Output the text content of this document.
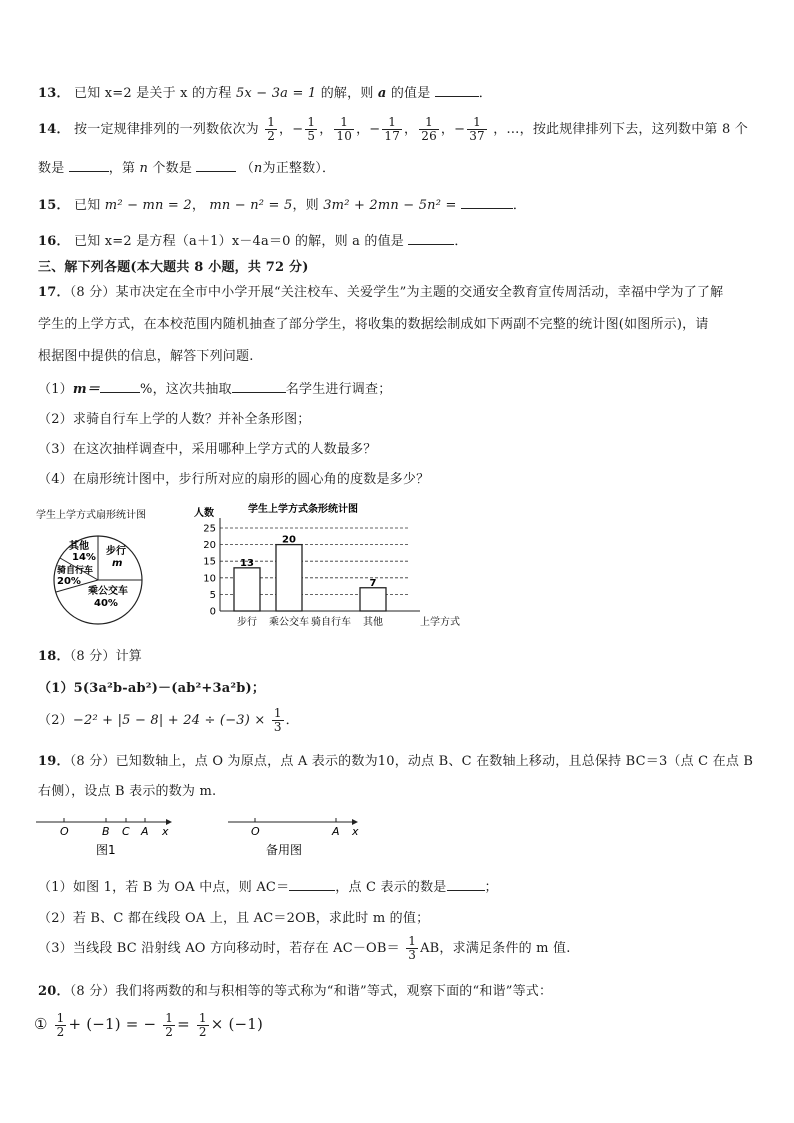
13． 已知 x=2 是关于 x 的方程 5x − 3a = 1 的解，则 a 的值是	．
14． 按一定规律排列的一列数依次为 $\frac{1}{2}$ ，− $\frac{1}{5}$ ， $\frac{1}{10}$ ，− $\frac{1}{17}$ ， $\frac{1}{26}$ ，− $\frac{1}{37}$ ，…，按此规律排列下去，这列数中第 8 个
数是	，第 n 个数是	（n为正整数）．
15． 已知 m² − mn = 2， mn − n² = 5，则 3m² + 2mn − 5n² =	．
16． 已知 x=2 是方程（a＋1）x－4a＝0 的解，则 a 的值是	．
三、解下列各题(本大题共 8 小题，共 72 分)
17．（8 分）某市决定在全市中小学开展“关注校车、关爱学生”为主题的交通安全教育宣传周活动，幸福中学为了了解
学生的上学方式，在本校范围内随机抽查了部分学生，将收集的数据绘制成如下两副不完整的统计图(如图所示)，请
根据图中提供的信息，解答下列问题.
（1）m＝	%，这次共抽取	名学生进行调查；
（2）求骑自行车上学的人数？并补全条形图；
（3）在这次抽样调查中，采用哪种上学方式的人数最多？
（4）在扇形统计图中，步行所对应的扇形的圆心角的度数是多少？
学生上学方式扇形统计图
其他
14%
步行
m
骑自行车
20%
乘公交车
40%
学生上学方式条形统计图
人数
0
5
10
15
20
25
13
步行
20
乘公交车 骑自行车
7
其他	上学方式
18．（8 分）计算
（1）5(3a²b-ab²)－(ab²+3a²b)；
$(2)-2^2 + |5 - 8| + 24 \div (-3) \times \frac{1}{3}$ ．
19．（8 分）已知数轴上，点 O 为原点，点 A 表示的数为10，动点 B、C 在数轴上移动，且总保持 BC＝3（点 C 在点 B
右侧），设点 B 表示的数为 m.
O	B C A x
图1
O	A x
备用图
（1）如图 1，若 B 为 OA 中点，则 AC＝	，点 C 表示的数是	；
（2）若 B、C 都在线段 OA 上，且 AC＝2OB，求此时 m 的值；
（3）当线段 BC 沿射线 AO 方向移动时，若存在 $AC-OB= \frac{1}{3}$ AB，求满足条件的 m 值.
20．（8 分）我们将两数的和与积相等的等式称为“和谐”等式，观察下面的“和谐”等式：
① $\frac{1}{2} + (-1)$ = − $\frac{1}{2} = \frac{1}{2} \times (-1)$
